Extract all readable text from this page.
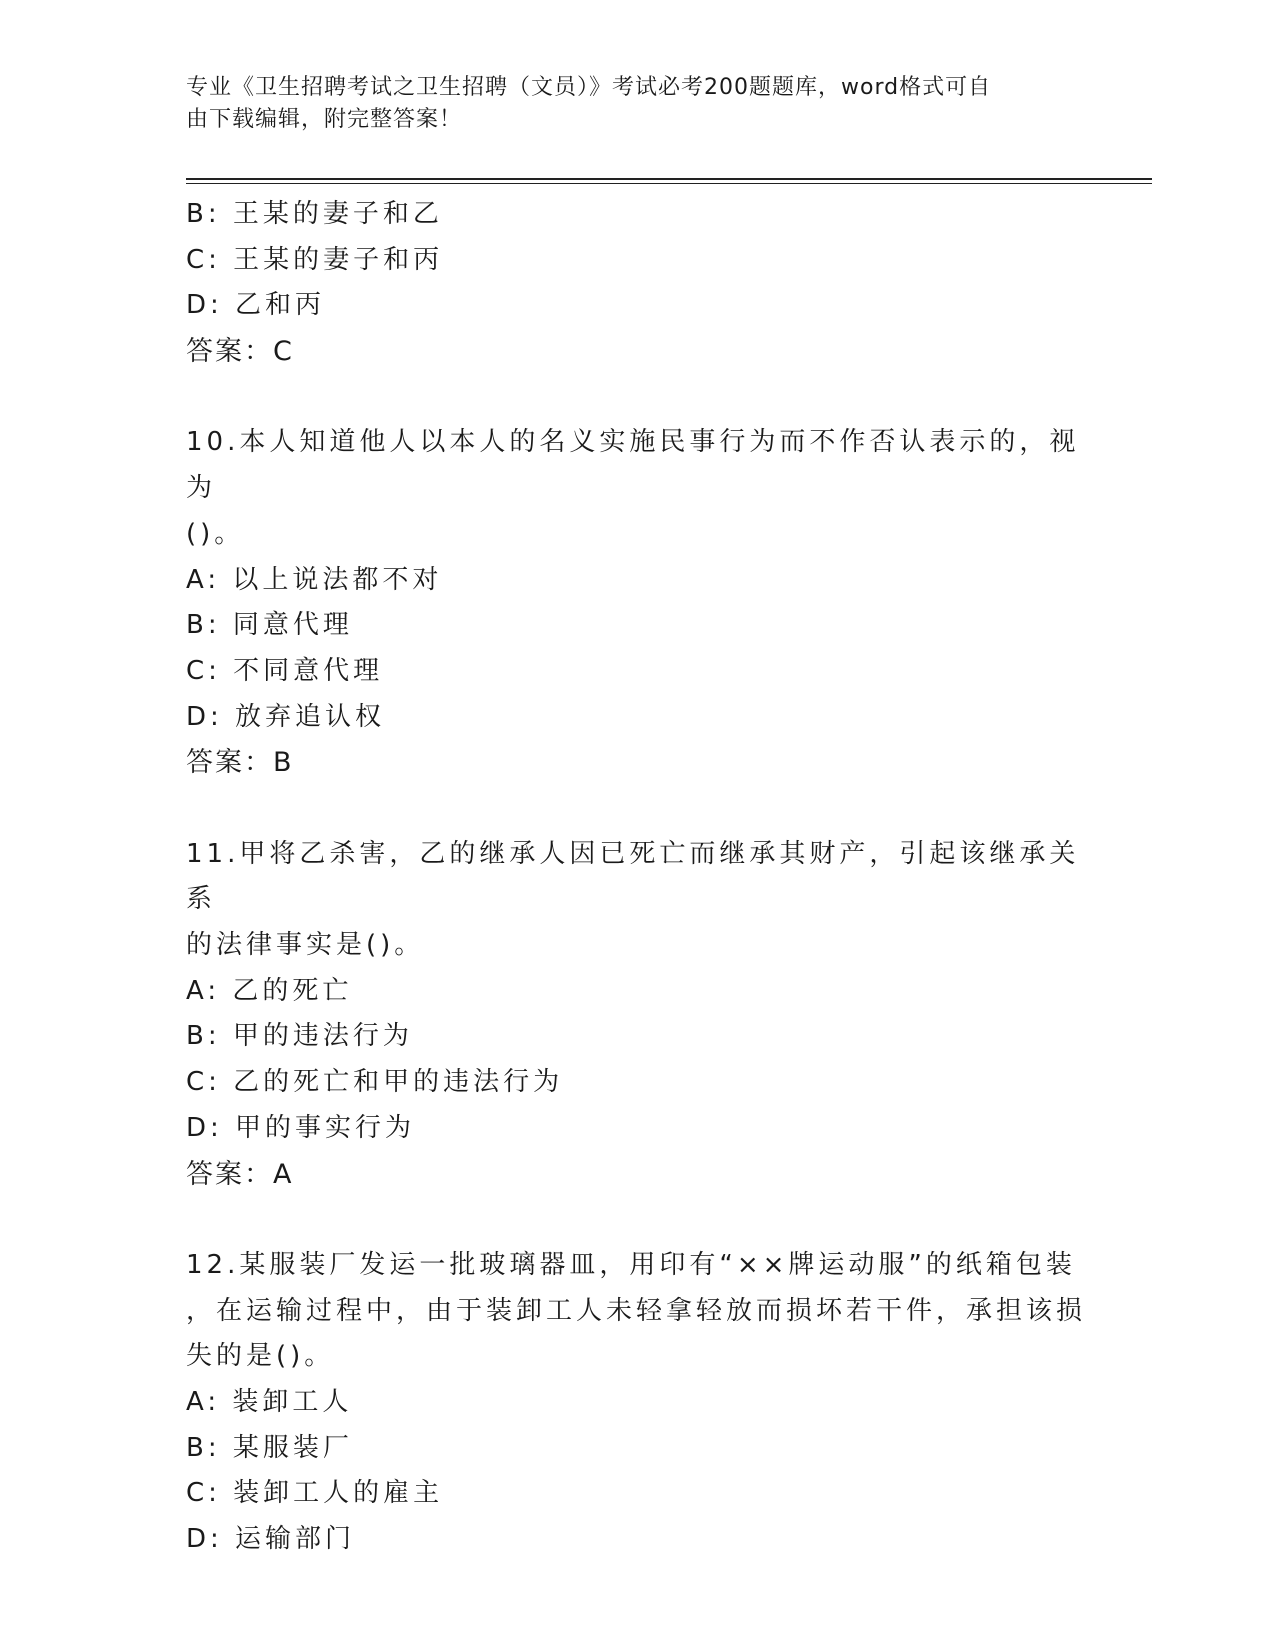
专业《卫生招聘考试之卫生招聘（文员）》考试必考200题题库，word格式可自
由下载编辑，附完整答案！
B: 王某的妻子和乙
C: 王某的妻子和丙
D: 乙和丙
答案：C
10.本人知道他人以本人的名义实施民事行为而不作否认表示的，视为
()。
A: 以上说法都不对
B: 同意代理
C: 不同意代理
D: 放弃追认权
答案：B
11.甲将乙杀害，乙的继承人因已死亡而继承其财产，引起该继承关系
的法律事实是()。
A: 乙的死亡
B: 甲的违法行为
C: 乙的死亡和甲的违法行为
D: 甲的事实行为
答案：A
12.某服装厂发运一批玻璃器皿，用印有“××牌运动服”的纸箱包装
，在运输过程中，由于装卸工人未轻拿轻放而损坏若干件，承担该损
失的是()。
A: 装卸工人
B: 某服装厂
C: 装卸工人的雇主
D: 运输部门
